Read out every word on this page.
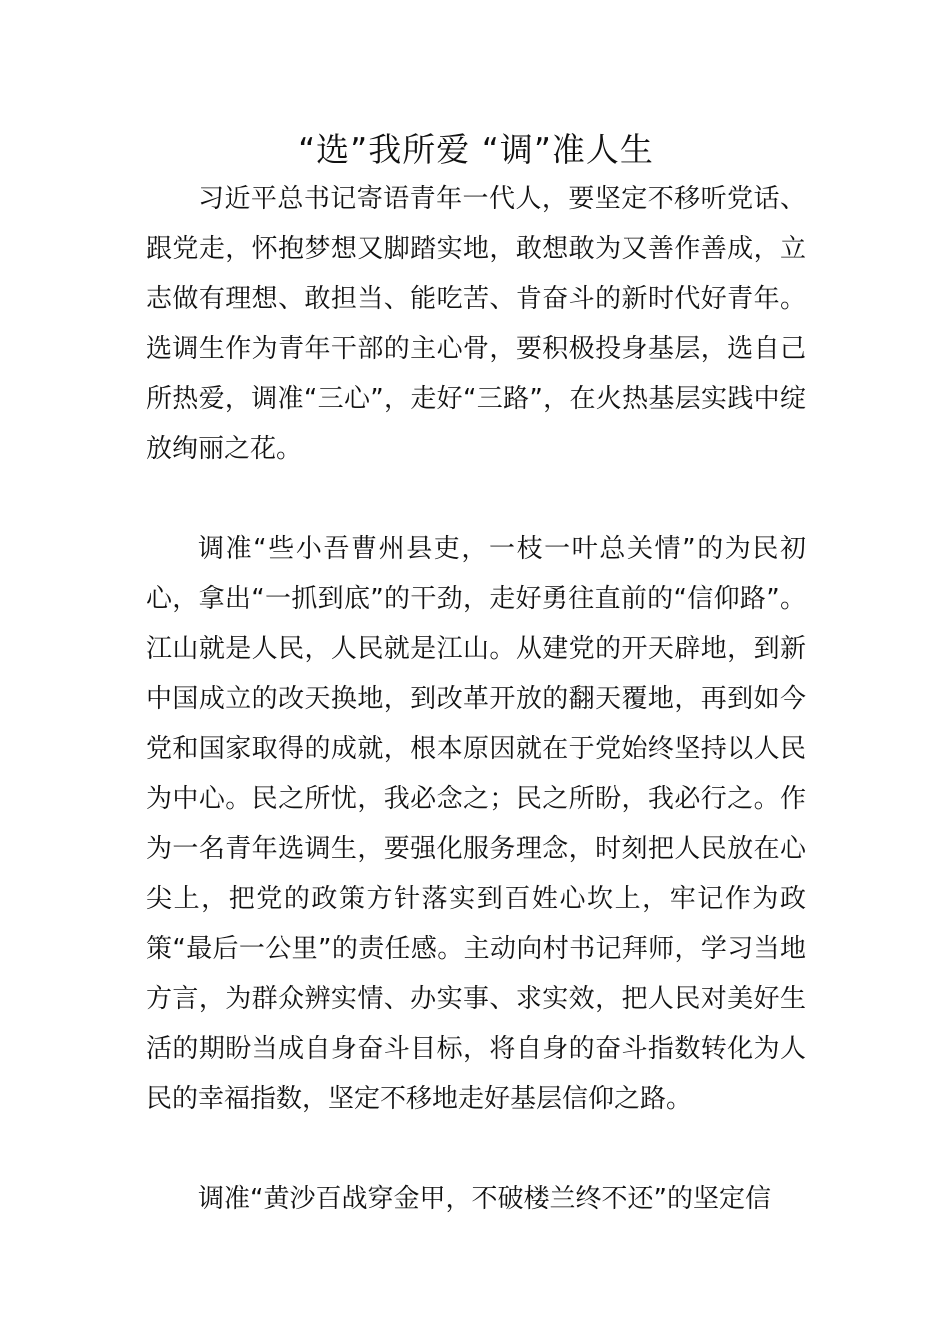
“选”我所爱 “调”准人生

习近平总书记寄语青年一代人，要坚定不移听党话、跟党走，怀抱梦想又脚踏实地，敢想敢为又善作善成，立志做有理想、敢担当、能吃苦、肯奋斗的新时代好青年。选调生作为青年干部的主心骨，要积极投身基层，选自己所热爱，调准“三心”，走好“三路”，在火热基层实践中绽放绚丽之花。

调准“些小吾曹州县吏，一枝一叶总关情”的为民初心，拿出“一抓到底”的干劲，走好勇往直前的“信仰路”。江山就是人民，人民就是江山。从建党的开天辟地，到新中国成立的改天换地，到改革开放的翻天覆地，再到如今党和国家取得的成就，根本原因就在于党始终坚持以人民为中心。民之所忧，我必念之；民之所盼，我必行之。作为一名青年选调生，要强化服务理念，时刻把人民放在心尖上，把党的政策方针落实到百姓心坎上，牢记作为政策“最后一公里”的责任感。主动向村书记拜师，学习当地方言，为群众辨实情、办实事、求实效，把人民对美好生活的期盼当成自身奋斗目标，将自身的奋斗指数转化为人民的幸福指数，坚定不移地走好基层信仰之路。

调准“黄沙百战穿金甲，不破楼兰终不还”的坚定信
